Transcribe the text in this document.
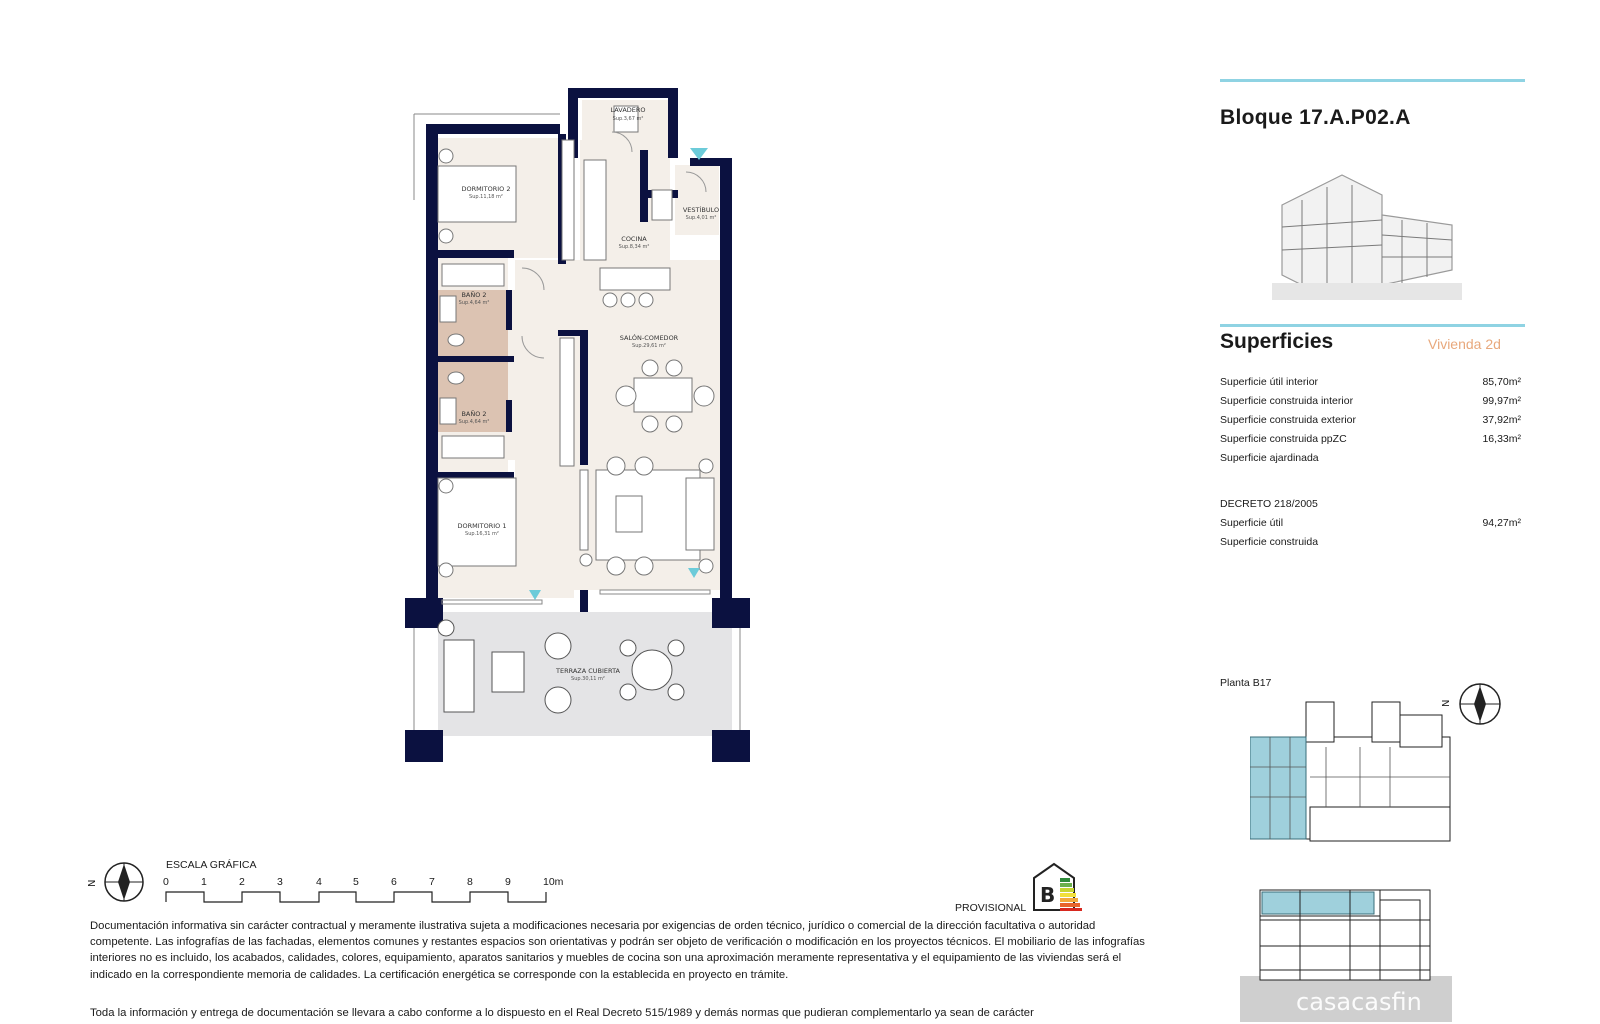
LAVADERO
Sup.3,67 m²
DORMITORIO 2
Sup.11,18 m²
COCINA
Sup.8,34 m²
VESTÍBULO
Sup.4,01 m²
BAÑO 2
Sup.4,64 m²
SALÓN-COMEDOR
Sup.29,61 m²
BAÑO 2
Sup.4,64 m²
DORMITORIO 1
Sup.16,31 m²
TERRAZA CUBIERTA
Sup.30,11 m²
Bloque 17.A.P02.A
Superficies	Vivienda 2d
Superficie útil interior	85,70m²
Superficie construida interior	99,97m²
Superficie construida exterior	37,92m²
Superficie construida ppZC	16,33m²
Superficie ajardinada
DECRETO 218/2005
Superficie útil	94,27m²
Superficie construida
Planta B17
N
casacasfin
N
ESCALA GRÁFICA
0	1	2	3	4	5	6	7	8	9	10m
PROVISIONAL
B
Documentación informativa sin carácter contractual y meramente ilustrativa sujeta a modificaciones necesaria por exigencias de orden técnico, jurídico o comercial de la dirección facultativa o autoridad competente. Las infografías de las fachadas, elementos comunes y restantes espacios son orientativas y podrán ser objeto de verificación o modificación en los proyectos técnicos. El mobiliario de las infografías interiores no es incluido, los acabados, calidades, colores, equipamiento, aparatos sanitarios y muebles de cocina son una aproximación meramente representativa y el equipamiento de las viviendas será el indicado en la correspondiente memoria de calidades. La certificación energética se corresponde con la establecida en proyecto en trámite.
Toda la información y entrega de documentación se llevara a cabo conforme a lo dispuesto en el Real Decreto 515/1989 y demás normas que pudieran complementarlo ya sean de carácter
